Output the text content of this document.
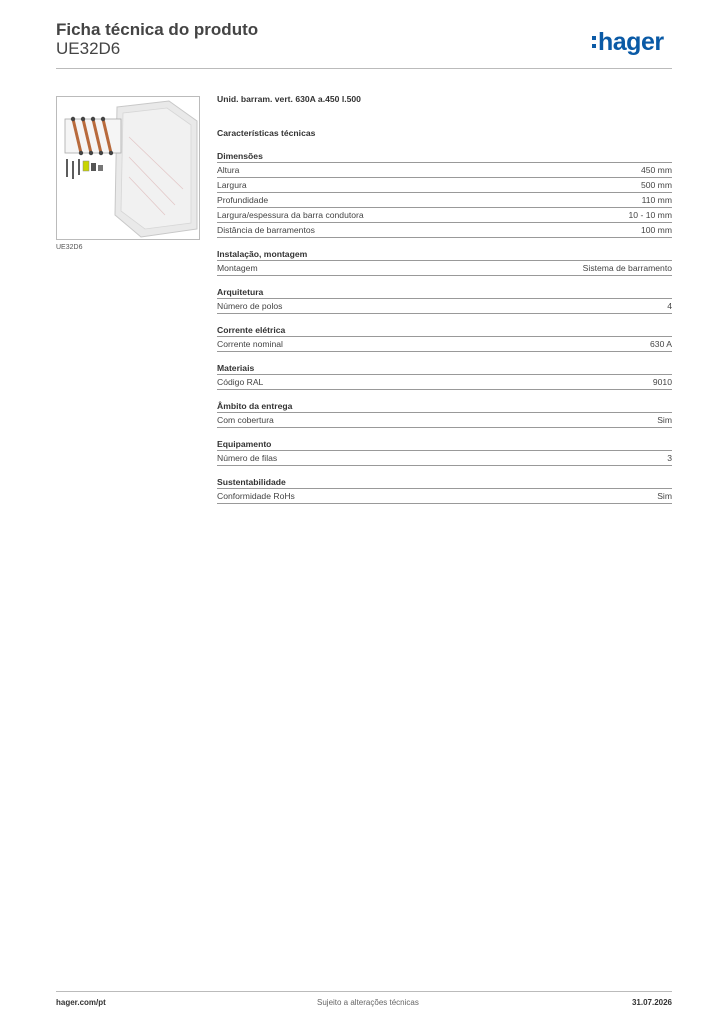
Ficha técnica do produto
UE32D6	hager
UE32D6
Unid. barram. vert. 630A a.450 l.500
Características técnicas
Dimensões
Altura	450 mm
Largura	500 mm
Profundidade	110 mm
Largura/espessura da barra condutora	10 - 10 mm
Distância de barramentos	100 mm
Instalação, montagem
Montagem	Sistema de barramento
Arquitetura
Número de polos	4
Corrente elétrica
Corrente nominal	630 A
Materiais
Código RAL	9010
Âmbito da entrega
Com cobertura	Sim
Equipamento
Número de filas	3
Sustentabilidade
Conformidade RoHs	Sim
hager.com/pt	Sujeito a alterações técnicas	31.07.2026
